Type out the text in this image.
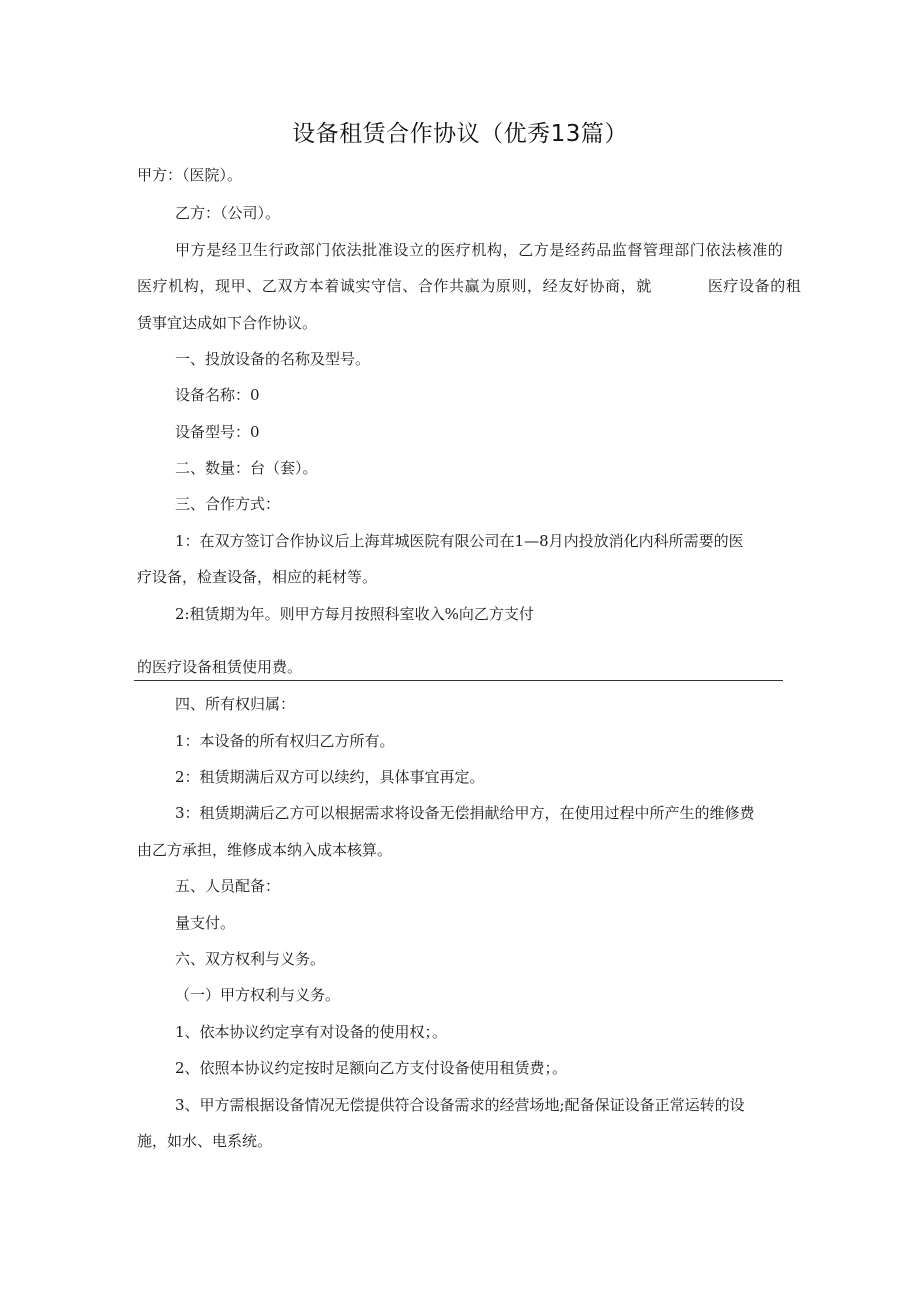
设备租赁合作协议（优秀13篇）
甲方：（医院）。
乙方：（公司）。
甲方是经卫生行政部门依法批准设立的医疗机构，乙方是经药品监督管理部门依法核准的
医疗机构，现甲、乙双方本着诚实守信、合作共赢为原则，经友好协商，就	医疗设备的租
赁事宜达成如下合作协议。
一、投放设备的名称及型号。
设备名称：0
设备型号：0
二、数量：台（套）。
三、合作方式：
1：在双方签订合作协议后上海茸城医院有限公司在1—8月内投放消化内科所需要的医
疗设备，检查设备，相应的耗材等。
2:租赁期为年。则甲方每月按照科室收入%向乙方支付
的医疗设备租赁使用费。
四、所有权归属：
1：本设备的所有权归乙方所有。
2：租赁期满后双方可以续约，具体事宜再定。
3：租赁期满后乙方可以根据需求将设备无偿捐献给甲方，在使用过程中所产生的维修费
由乙方承担，维修成本纳入成本核算。
五、人员配备：
量支付。
六、双方权利与义务。
（一）甲方权利与义务。
1、依本协议约定享有对设备的使用权；。
2、依照本协议约定按时足额向乙方支付设备使用租赁费；。
3、甲方需根据设备情况无偿提供符合设备需求的经营场地;配备保证设备正常运转的设
施，如水、电系统。
